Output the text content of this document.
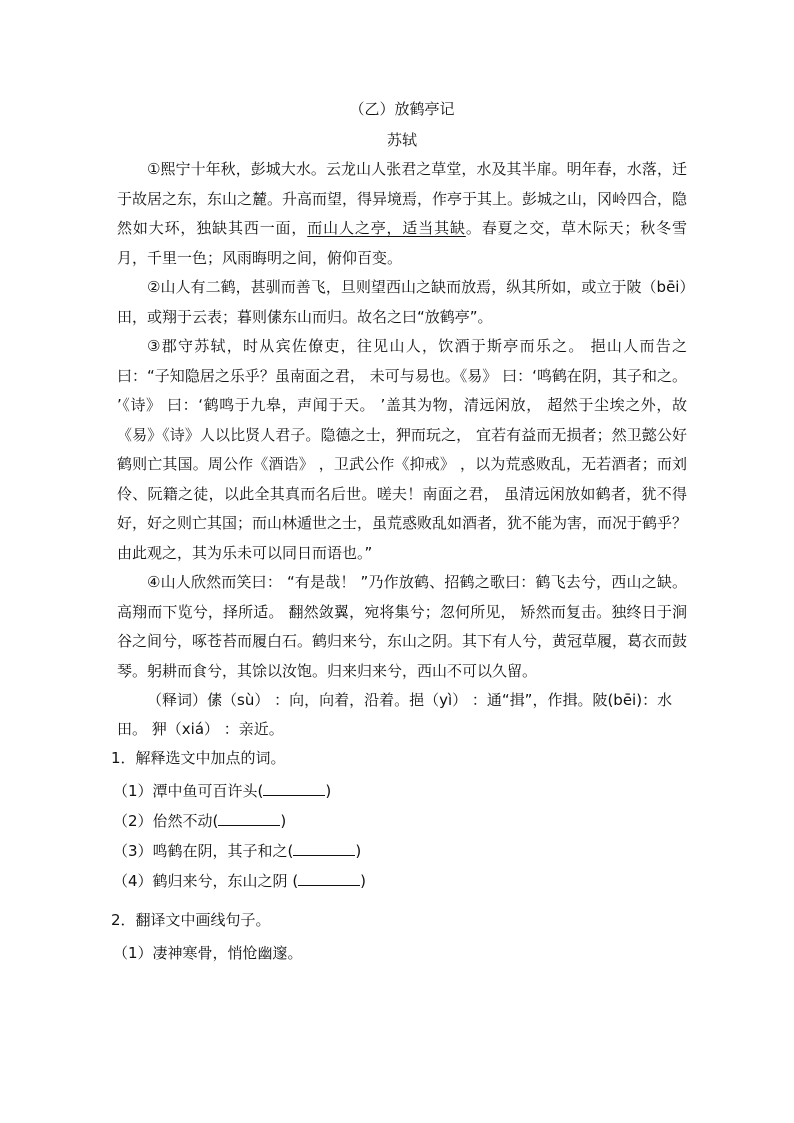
（乙）放鹤亭记
苏轼

①熙宁十年秋，彭城大水。云龙山人张君之草堂，水及其半扉。明年春，水落，迁于故居之东，东山之麓。升高而望，得异境焉，作亭于其上。彭城之山，冈岭四合，隐然如大环，独缺其西一面，而山人之亭，适当其缺。春夏之交，草木际天；秋冬雪月，千里一色；风雨晦明之间，俯仰百变。

②山人有二鹤，甚驯而善飞，旦则望西山之缺而放焉，纵其所如，或立于陂（bēi）田，或翔于云表；暮则傃东山而归。故名之曰“放鹤亭”。

③郡守苏轼，时从宾佐僚吏，往见山人，饮酒于斯亭而乐之。 挹山人而告之曰：“子知隐居之乐乎？虽南面之君， 未可与易也。《易》 曰：‘鸣鹤在阴，其子和之。 ’《诗》 曰：‘鹤鸣于九皋，声闻于天。 ’盖其为物，清远闲放， 超然于尘埃之外，故《易》《诗》人以比贤人君子。隐德之士，狎而玩之， 宜若有益而无损者；然卫懿公好鹤则亡其国。周公作《酒诰》 ，卫武公作《抑戒》 ，以为荒惑败乱，无若酒者；而刘伶、阮籍之徒，以此全其真而名后世。嗟夫！南面之君， 虽清远闲放如鹤者，犹不得好，好之则亡其国；而山林遁世之士，虽荒惑败乱如酒者，犹不能为害，而况于鹤乎？由此观之，其为乐未可以同日而语也。”

④山人欣然而笑曰： “有是哉！ ”乃作放鹤、招鹤之歌曰：鹤飞去兮，西山之缺。高翔而下览兮，择所适。 翻然敛翼，宛将集兮；忽何所见， 矫然而复击。独终日于涧谷之间兮，啄苍苔而履白石。鹤归来兮，东山之阴。其下有人兮，黄冠草履，葛衣而鼓琴。躬耕而食兮，其馀以汝饱。归来归来兮，西山不可以久留。

（释词）傃（sù） ：向，向着，沿着。挹（yì） ：通“揖”，作揖。陂(bēi)：水田。 狎（xiá） ：亲近。

1．解释选文中加点的词。
（1）潭中鱼可百许头(	)
（2）佁然不动(	)
（3）鸣鹤在阴，其子和之(	)
（4）鹤归来兮，东山之阴 (	)
2．翻译文中画线句子。
（1）凄神寒骨，悄怆幽邃。
